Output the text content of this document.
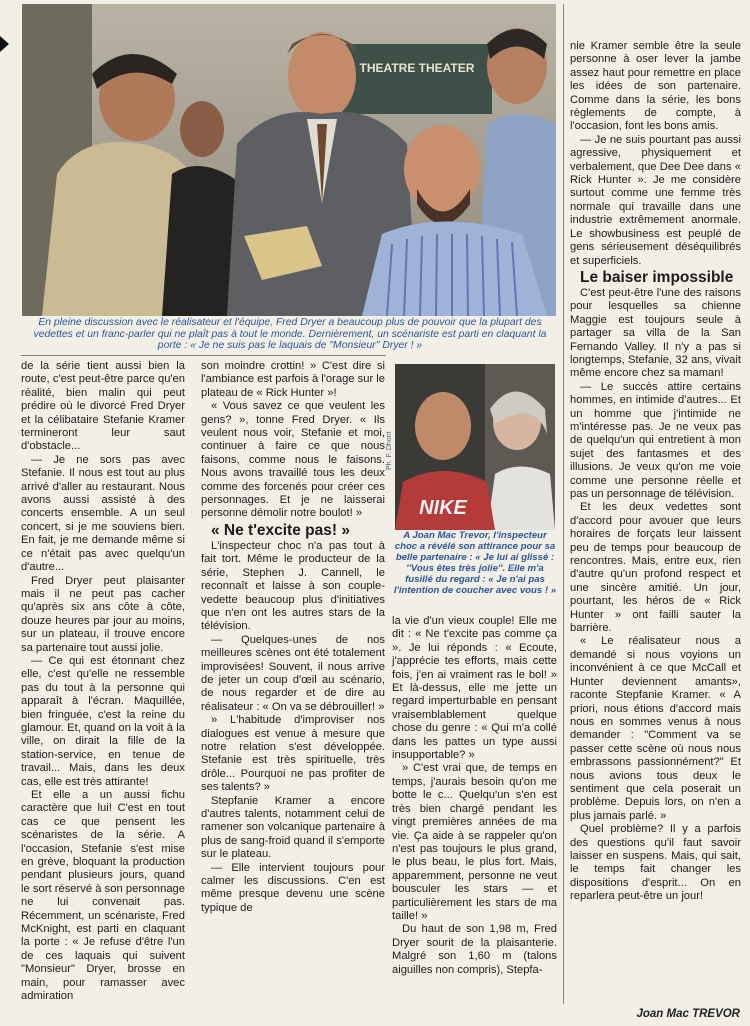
THEATRE THEATER
En pleine discussion avec le réalisateur et l'équipe, Fred Dryer a beaucoup plus de pouvoir que la plupart des vedettes et un franc-parler qui ne plaît pas à tout le monde. Dernièrement, un scénariste est parti en claquant la porte : « Je ne suis pas le laquais de "Monsieur" Dryer ! »

de la série tient aussi bien la route, c'est peut-être parce qu'en réalité, bien malin qui peut prédire où le divorcé Fred Dryer et la célibataire Stefanie Kramer termineront leur saut d'obstacle...

— Je ne sors pas avec Stefanie. Il nous est tout au plus arrivé d'aller au restaurant. Nous avons aussi assisté à des concerts ensemble. A un seul concert, si je me souviens bien. En fait, je me demande même si ce n'était pas avec quelqu'un d'autre...

Fred Dryer peut plaisanter mais il ne peut pas cacher qu'après six ans côte à côte, douze heures par jour au moins, sur un plateau, il trouve encore sa partenaire tout aussi jolie.

— Ce qui est étonnant chez elle, c'est qu'elle ne ressemble pas du tout à la personne qui apparaît à l'écran. Maquillée, bien fringuée, c'est la reine du glamour. Et, quand on la voit à la ville, on dirait la fille de la station-service, en tenue de travail... Mais, dans les deux cas, elle est très attirante!

Et elle a un aussi fichu caractère que lui! C'est en tout cas ce que pensent les scénaristes de la série. A l'occasion, Stefanie s'est mise en grève, bloquant la production pendant plusieurs jours, quand le sort réservé à son personnage ne lui convenait pas. Récemment, un scénariste, Fred McKnight, est parti en claquant la porte : « Je refuse d'être l'un de ces laquais qui suivent "Monsieur" Dryer, brosse en main, pour ramasser avec admiration

son moindre crottin! » C'est dire si l'ambiance est parfois à l'orage sur le plateau de « Rick Hunter »!

« Vous savez ce que veulent les gens? », tonne Fred Dryer. « Ils veulent nous voir, Stefanie et moi, continuer à faire ce que nous faisons, comme nous le faisons. Nous avons travaillé tous les deux comme des forcenés pour créer ces personnages. Et je ne laisserai personne démolir notre boulot! »

« Ne t'excite pas! »

L'inspecteur choc n'a pas tout à fait tort. Même le producteur de la série, Stephen J. Cannell, le reconnaît et laisse à son couple-vedette beaucoup plus d'initiatives que n'en ont les autres stars de la télévision.

— Quelques-unes de nos meilleures scènes ont été totalement improvisées! Souvent, il nous arrive de jeter un coup d'œil au scénario, de nous regarder et de dire au réalisateur : « On va se débrouiller! »

» L'habitude d'improviser nos dialogues est venue à mesure que notre relation s'est développée. Stefanie est très spirituelle, très drôle... Pourquoi ne pas profiter de ses talents? »

Stepfanie Kramer a encore d'autres talents, notamment celui de ramener son volcanique partenaire à plus de sang-froid quand il s'emporte sur le plateau.

— Elle intervient toujours pour calmer les discussions. C'en est même presque devenu une scène typique de

NIKE
Ph. F. Dhont
A Joan Mac Trevor, l'inspecteur choc a révélé son attirance pour sa belle partenaire : « Je lui ai glissé : ''Vous êtes très jolie''. Elle m'a fusillé du regard : « Je n'ai pas l'intention de coucher avec vous ! »

la vie d'un vieux couple! Elle me dit : « Ne t'excite pas comme ça ». Je lui réponds : « Ecoute, j'apprécie tes efforts, mais cette fois, j'en ai vraiment ras le bol! » Et là-dessus, elle me jette un regard imperturbable en pensant vraisemblablement quelque chose du genre : « Qui m'a collé dans les pattes un type aussi insupportable? »

» C'est vrai que, de temps en temps, j'aurais besoin qu'on me botte le c... Quelqu'un s'en est très bien chargé pendant les vingt premières années de ma vie. Ça aide à se rappeler qu'on n'est pas toujours le plus grand, le plus beau, le plus fort. Mais, apparemment, personne ne veut bousculer les stars — et particulièrement les stars de ma taille! »

Du haut de son 1,98 m, Fred Dryer sourit de la plaisanterie. Malgré son 1,60 m (talons aiguilles non compris), Stepfa-

nie Kramer semble être la seule personne à oser lever la jambe assez haut pour remettre en place les idées de son partenaire. Comme dans la série, les bons règlements de compte, à l'occasion, font les bons amis.

— Je ne suis pourtant pas aussi agressive, physiquement et verbalement, que Dee Dee dans « Rick Hunter ». Je me considère surtout comme une femme très normale qui travaille dans une industrie extrêmement anormale. Le showbusiness est peuplé de gens sérieusement déséquilibrés et superficiels.

Le baiser impossible

C'est peut-être l'une des raisons pour lesquelles sa chienne Maggie est toujours seule à partager sa villa de la San Fernando Valley. Il n'y a pas si longtemps, Stefanie, 32 ans, vivait même encore chez sa maman!

— Le succès attire certains hommes, en intimide d'autres... Et un homme que j'intimide ne m'intéresse pas. Je ne veux pas de quelqu'un qui entretient à mon sujet des fantasmes et des illusions. Je veux qu'on me voie comme une personne réelle et pas un personnage de télévision.

Et les deux vedettes sont d'accord pour avouer que leurs horaires de forçats leur laissent peu de temps pour beaucoup de rencontres. Mais, entre eux, rien d'autre qu'un profond respect et une sincère amitié. Un jour, pourtant, les héros de « Rick Hunter » ont failli sauter la barrière.

« Le réalisateur nous a demandé si nous voyions un inconvénient à ce que McCall et Hunter deviennent amants», raconte Stepfanie Kramer. « A priori, nous étions d'accord mais nous en sommes venus à nous demander : "Comment va se passer cette scène où nous nous embrassons passionnément?" Et nous avions tous deux le sentiment que cela poserait un problème. Depuis lors, on n'en a plus jamais parlé. »

Quel problème? Il y a parfois des questions qu'il faut savoir laisser en suspens. Mais, qui sait, le temps fait changer les dispositions d'esprit... On en reparlera peut-être un jour!

Joan Mac TREVOR
